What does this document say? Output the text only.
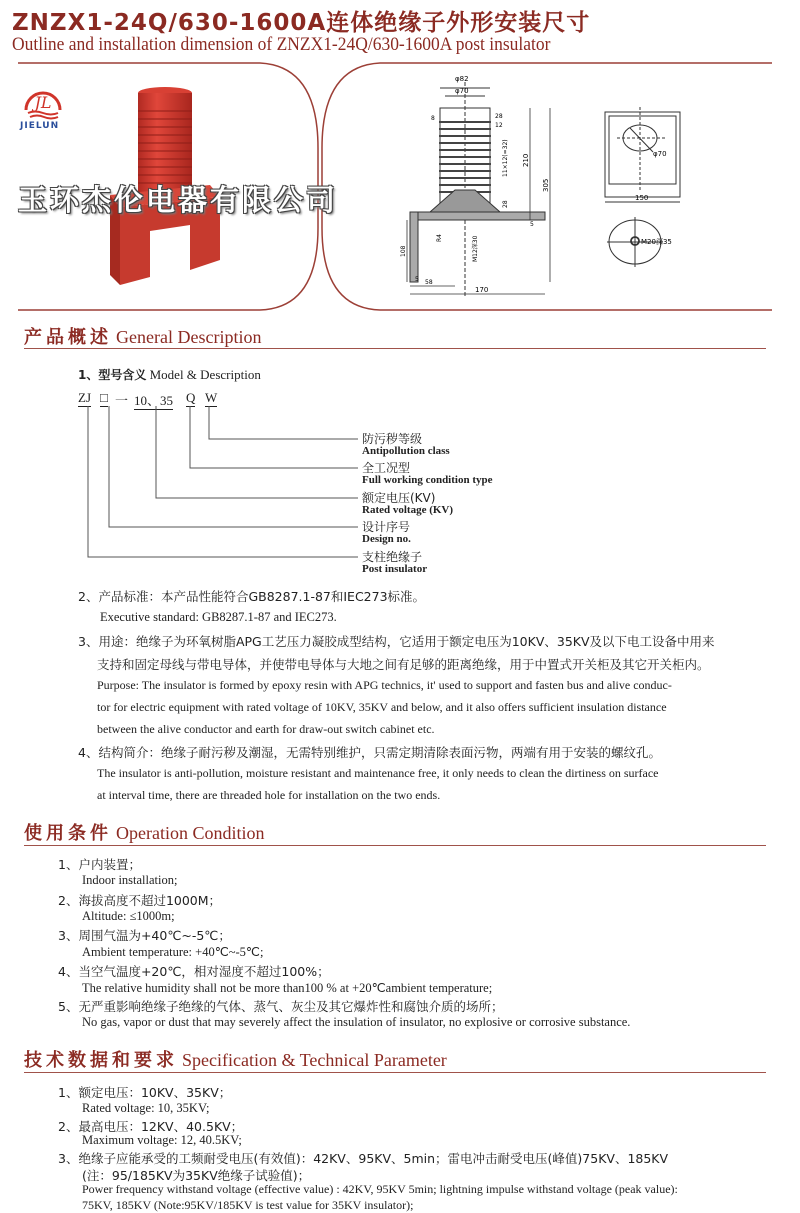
ZNZX1-24Q/630-1600A连体绝缘子外形安装尺寸
Outline and installation dimension of ZNZX1-24Q/630-1600A post insulator
JL
JIELUN
玉环杰伦电器有限公司
φ82
φ70
28
12
8
11×12(=32)
28
210
305
108
R4	M12深30
5
5
58
170
φ70
150
M20深35
产品概述 General Description
1、型号含义 Model & Description
ZJ □ 一 10、35 Q W
防污秽等级
Antipollution class
全工况型
Full working condition type
额定电压(KV)
Rated voltage (KV)
设计序号
Design no.
支柱绝缘子
Post insulator
2、产品标准：本产品性能符合GB8287.1-87和IEC273标准。
Executive standard: GB8287.1-87 and IEC273.
3、用途：绝缘子为环氧树脂APG工艺压力凝胶成型结构，它适用于额定电压为10KV、35KV及以下电工设备中用来
支持和固定母线与带电导体，并使带电导体与大地之间有足够的距离绝缘，用于中置式开关柜及其它开关柜内。
Purpose: The insulator is formed by epoxy resin with APG technics, it' used to support and fasten bus and alive conduc-
tor for electric equipment with rated voltage of 10KV, 35KV and below, and it also offers sufficient insulation distance
between the alive conductor and earth for draw-out switch cabinet etc.
4、结构简介：绝缘子耐污秽及潮湿，无需特别维护，只需定期清除表面污物，两端有用于安装的螺纹孔。
The insulator is anti-pollution, moisture resistant and maintenance free, it only needs to clean the dirtiness on surface
at interval time, there are threaded hole for installation on the two ends.
使用条件 Operation Condition
1、户内装置；
Indoor installation;
2、海拔高度不超过1000M；
Altitude: ≤1000m;
3、周围气温为+40℃~-5℃；
Ambient temperature: +40℃~-5℃;
4、当空气温度+20℃，相对湿度不超过100%；
The relative humidity shall not be more than100 % at +20℃ambient temperature;
5、无严重影响绝缘子绝缘的气体、蒸气、灰尘及其它爆炸性和腐蚀介质的场所；
No gas, vapor or dust that may severely affect the insulation of insulator, no explosive or corrosive substance.
技术数据和要求 Specification & Technical Parameter
1、额定电压：10KV、35KV；
Rated voltage: 10, 35KV;
2、最高电压：12KV、40.5KV；
Maximum voltage: 12, 40.5KV;
3、绝缘子应能承受的工频耐受电压(有效值)：42KV、95KV、5min；雷电冲击耐受电压(峰值)75KV、185KV
(注：95/185KV为35KV绝缘子试验值)；
Power frequency withstand voltage (effective value) : 42KV, 95KV 5min; lightning impulse withstand voltage (peak value):
75KV, 185KV (Note:95KV/185KV is test value for 35KV insulator);
